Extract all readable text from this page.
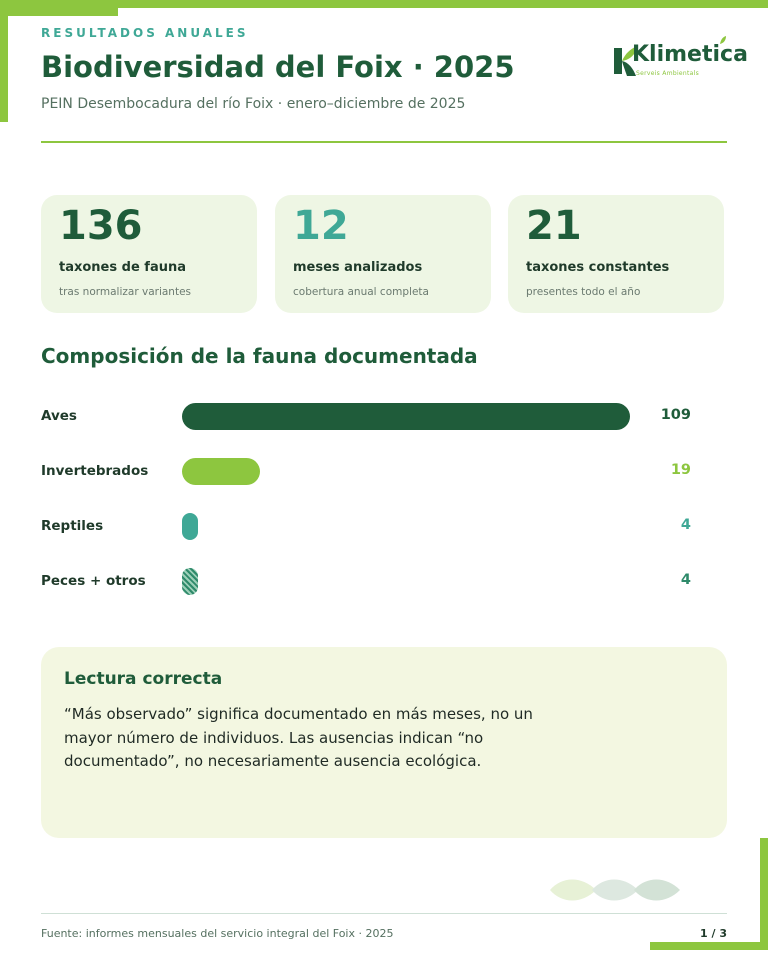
RESULTADOS ANUALES
Biodiversidad del Foix · 2025
PEIN Desembocadura del río Foix · enero–diciembre de 2025
Klimetica
Serveis Ambientals
136
taxones de fauna
tras normalizar variantes
12
meses analizados
cobertura anual completa
21
taxones constantes
presentes todo el año
Composición de la fauna documentada
Aves	109
Invertebrados	19
Reptiles	4
Peces + otros	4
Lectura correcta

“Más observado” significa documentado en más meses, no un mayor número de individuos. Las ausencias indican “no documentado”, no necesariamente ausencia ecológica.

Fuente: informes mensuales del servicio integral del Foix · 2025	1 / 3
